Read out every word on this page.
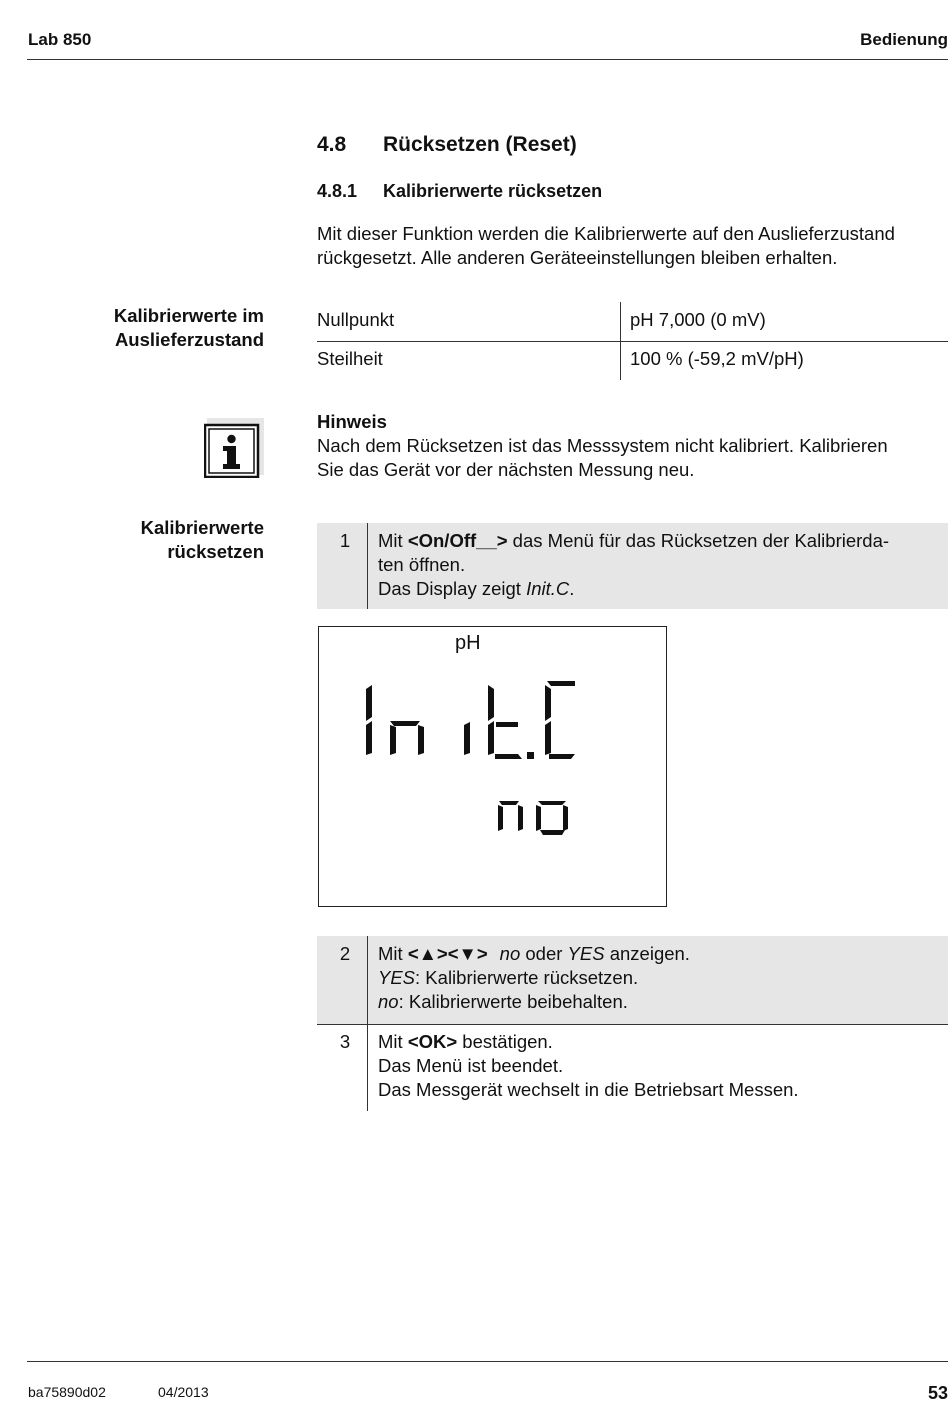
Lab 850	Bedienung
4.8 Rücksetzen (Reset)
4.8.1 Kalibrierwerte rücksetzen
Mit dieser Funktion werden die Kalibrierwerte auf den Auslieferzustand
rückgesetzt. Alle anderen Geräteeinstellungen bleiben erhalten.
Kalibrierwerte im
Auslieferzustand
Nullpunkt	pH 7,000 (0 mV)
Steilheit	100 % (-59,2 mV/pH)
Hinweis
Nach dem Rücksetzen ist das Messsystem nicht kalibriert. Kalibrieren
Sie das Gerät vor der nächsten Messung neu.
Kalibrierwerte
rücksetzen
1 Mit <On/Off__> das Menü für das Rücksetzen der Kalibrierda-
ten öffnen.
Das Display zeigt Init.C.
pH
2 Mit <▲><▼> no oder YES anzeigen.
YES: Kalibrierwerte rücksetzen.
no: Kalibrierwerte beibehalten.
3 Mit <OK> bestätigen.
Das Menü ist beendet.
Das Messgerät wechselt in die Betriebsart Messen.
ba75890d02	04/2013	53
